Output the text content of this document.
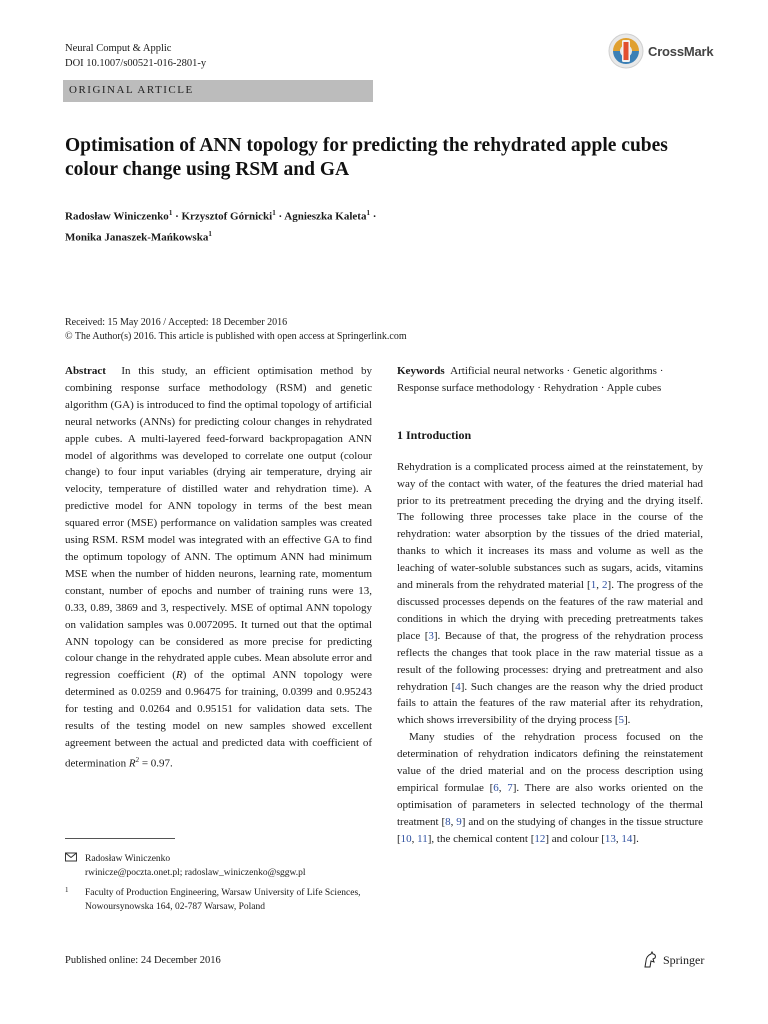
Neural Comput & Applic
DOI 10.1007/s00521-016-2801-y
CrossMark
ORIGINAL ARTICLE
Optimisation of ANN topology for predicting the rehydrated apple cubes colour change using RSM and GA
Radosław Winiczenko$^1$ · Krzysztof Górnicki$^1$ · Agnieszka Kaleta$^1$ ·
Monika Janaszek-Mańkowska$^1$
Received: 15 May 2016 / Accepted: 18 December 2016
© The Author(s) 2016. This article is published with open access at Springerlink.com

Abstract In this study, an efficient optimisation method by combining response surface methodology (RSM) and genetic algorithm (GA) is introduced to find the optimal topology of artificial neural networks (ANNs) for predicting colour changes in rehydrated apple cubes. A multi-layered feed-forward backpropagation ANN model of algorithms was developed to correlate one output (colour change) to four input variables (drying air temperature, drying air velocity, temperature of distilled water and rehydration time). A predictive model for ANN topology in terms of the best mean squared error (MSE) performance on validation samples was created using RSM. RSM model was integrated with an effective GA to find the optimum topology of ANN. The optimum ANN had minimum MSE when the number of hidden neurons, learning rate, momentum constant, number of epochs and number of training runs were 13, 0.33, 0.89, 3869 and 3, respectively. MSE of optimal ANN topology on validation samples was 0.0072095. It turned out that the optimal ANN topology can be considered as more precise for predicting colour change in the rehydrated apple cubes. Mean absolute error and regression coefficient (R) of the optimal ANN topology were determined as 0.0259 and 0.96475 for training, 0.0399 and 0.95243 for testing and 0.0264 and 0.95151 for validation data sets. The results of the testing model on new samples showed excellent agreement between the actual and predicted data with coefficient of determination $R^2 = 0.97$.

Keywords Artificial neural networks · Genetic algorithms · Response surface methodology · Rehydration · Apple cubes

1 Introduction

Rehydration is a complicated process aimed at the reinstatement, by way of the contact with water, of the features the dried material had prior to its pretreatment preceding the drying and the drying itself. The following three processes take place in the course of the rehydration: water absorption by the tissues of the dried material, thanks to which it increases its mass and volume as well as the leaching of water-soluble substances such as sugars, acids, vitamins and minerals from the rehydrated material [1, 2]. The progress of the discussed processes depends on the features of the raw material and conditions in which the drying with preceding pretreatments takes place [3]. Because of that, the progress of the rehydration process reflects the changes that took place in the raw material tissue as a result of the following processes: drying and pretreatment and also rehydration [4]. Such changes are the reason why the dried product fails to attain the features of the raw material after its rehydration, which shows irreversibility of the drying process [5].

Many studies of the rehydration process focused on the determination of rehydration indicators defining the reinstatement value of the dried material and on the process description using empirical formulae [6, 7]. There are also works oriented on the optimisation of parameters in selected technology of the thermal treatment [8, 9] and on the studying of changes in the tissue structure [10, 11], the chemical content [12] and colour [13, 14].

Radosław Winiczenko
rwinicze@poczta.onet.pl; radoslaw_winiczenko@sggw.pl
1 Faculty of Production Engineering, Warsaw University of Life Sciences, Nowoursynowska 164, 02-787 Warsaw, Poland
Published online: 24 December 2016	Springer
